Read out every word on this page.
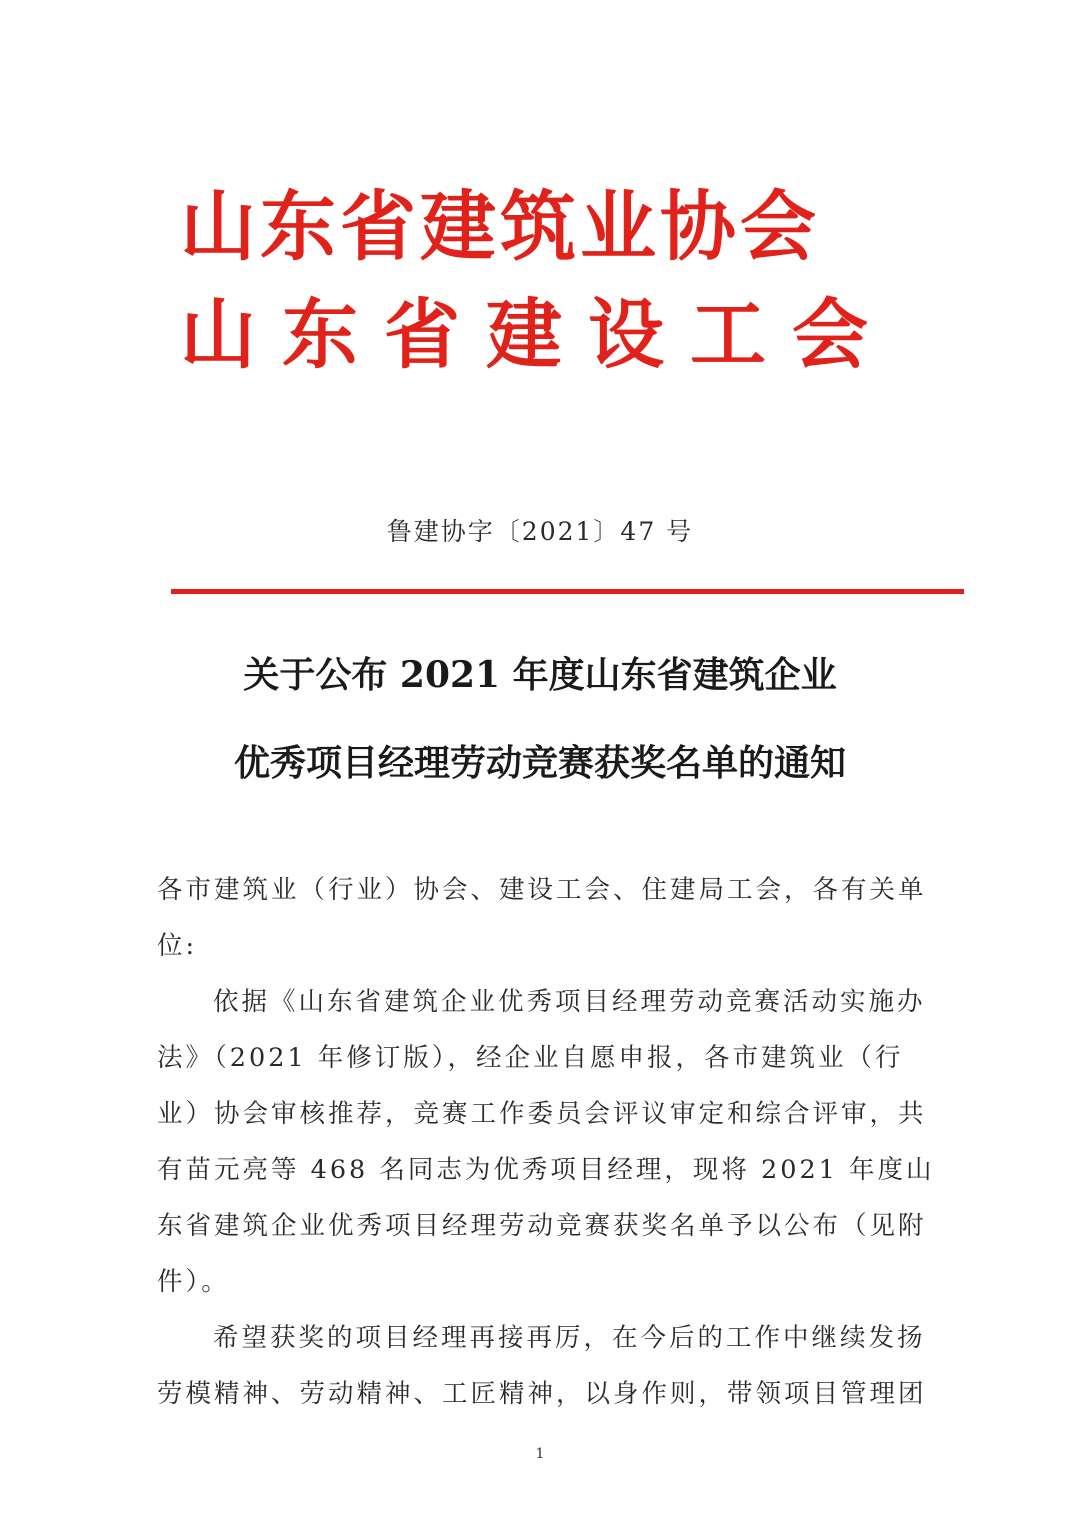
山东省建筑业协会
山东省建设工会
鲁建协字〔2021〕47 号
关于公布 2021 年度山东省建筑企业
优秀项目经理劳动竞赛获奖名单的通知

各市建筑业（行业）协会、建设工会、住建局工会，各有关单位:

依据《山东省建筑企业优秀项目经理劳动竞赛活动实施办法》（2021 年修订版），经企业自愿申报，各市建筑业（行业）协会审核推荐，竞赛工作委员会评议审定和综合评审，共有苗元亮等 468 名同志为优秀项目经理，现将 2021 年度山东省建筑企业优秀项目经理劳动竞赛获奖名单予以公布（见附件）。

希望获奖的项目经理再接再厉，在今后的工作中继续发扬劳模精神、劳动精神、工匠精神，以身作则，带领项目管理团

1
